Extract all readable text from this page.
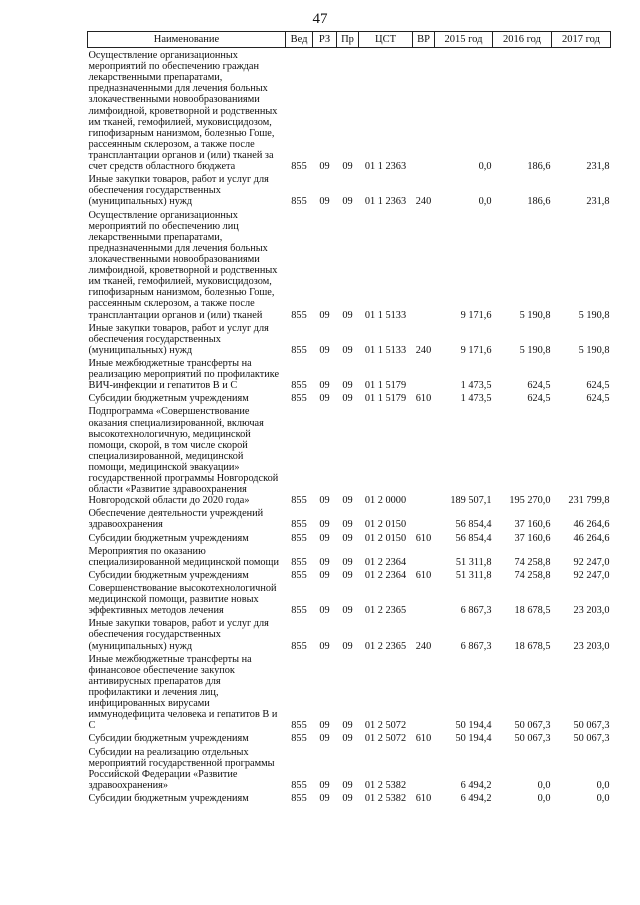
47
Наименование	Вед	РЗ	Пр	ЦСТ	ВР	2015 год	2016 год	2017 год
Осуществление организационных мероприятий по обеспечению граждан лекарственными препаратами, предназначенными для лечения больных злокачественными новообразованиями лимфоидной, кроветворной и родственных им тканей, гемофилией, муковисцидозом, гипофизарным нанизмом, болезнью Гоше, рассеянным склерозом, а также после трансплантации органов и (или) тканей за счет средств областного бюджета	855	09	09	01 1 2363		0,0	186,6	231,8
Иные закупки товаров, работ и услуг для обеспечения государственных (муниципальных) нужд	855	09	09	01 1 2363	240	0,0	186,6	231,8
Осуществление организационных мероприятий по обеспечению лиц лекарственными препаратами, предназначенными для лечения больных злокачественными новообразованиями лимфоидной, кроветворной и родственных им тканей, гемофилией, муковисцидозом, гипофизарным нанизмом, болезнью Гоше, рассеянным склерозом, а также после трансплантации органов и (или) тканей	855	09	09	01 1 5133		9 171,6	5 190,8	5 190,8
Иные закупки товаров, работ и услуг для обеспечения государственных (муниципальных) нужд	855	09	09	01 1 5133	240	9 171,6	5 190,8	5 190,8
Иные межбюджетные трансферты на реализацию мероприятий по профилактике ВИЧ-инфекции и гепатитов В и С	855	09	09	01 1 5179		1 473,5	624,5	624,5
Субсидии бюджетным учреждениям	855	09	09	01 1 5179	610	1 473,5	624,5	624,5
Подпрограмма «Совершенствование оказания специализированной, включая высокотехнологичную, медицинской помощи, скорой, в том числе скорой специализированной, медицинской помощи, медицинской эвакуации» государственной программы Новгородской области «Развитие здравоохранения Новгородской области до 2020 года»	855	09	09	01 2 0000		189 507,1	195 270,0	231 799,8
Обеспечение деятельности учреждений здравоохранения	855	09	09	01 2 0150		56 854,4	37 160,6	46 264,6
Субсидии бюджетным учреждениям	855	09	09	01 2 0150	610	56 854,4	37 160,6	46 264,6
Мероприятия по оказанию специализированной медицинской помощи	855	09	09	01 2 2364		51 311,8	74 258,8	92 247,0
Субсидии бюджетным учреждениям	855	09	09	01 2 2364	610	51 311,8	74 258,8	92 247,0
Совершенствование высокотехнологичной медицинской помощи, развитие новых эффективных методов лечения	855	09	09	01 2 2365		6 867,3	18 678,5	23 203,0
Иные закупки товаров, работ и услуг для обеспечения государственных (муниципальных) нужд	855	09	09	01 2 2365	240	6 867,3	18 678,5	23 203,0
Иные межбюджетные трансферты на финансовое обеспечение закупок антивирусных препаратов для профилактики и лечения лиц, инфицированных вирусами иммунодефицита человека и гепатитов В и С	855	09	09	01 2 5072		50 194,4	50 067,3	50 067,3
Субсидии бюджетным учреждениям	855	09	09	01 2 5072	610	50 194,4	50 067,3	50 067,3
Субсидии на реализацию отдельных мероприятий государственной программы Российской Федерации «Развитие здравоохранения»	855	09	09	01 2 5382		6 494,2	0,0	0,0
Субсидии бюджетным учреждениям	855	09	09	01 2 5382	610	6 494,2	0,0	0,0
